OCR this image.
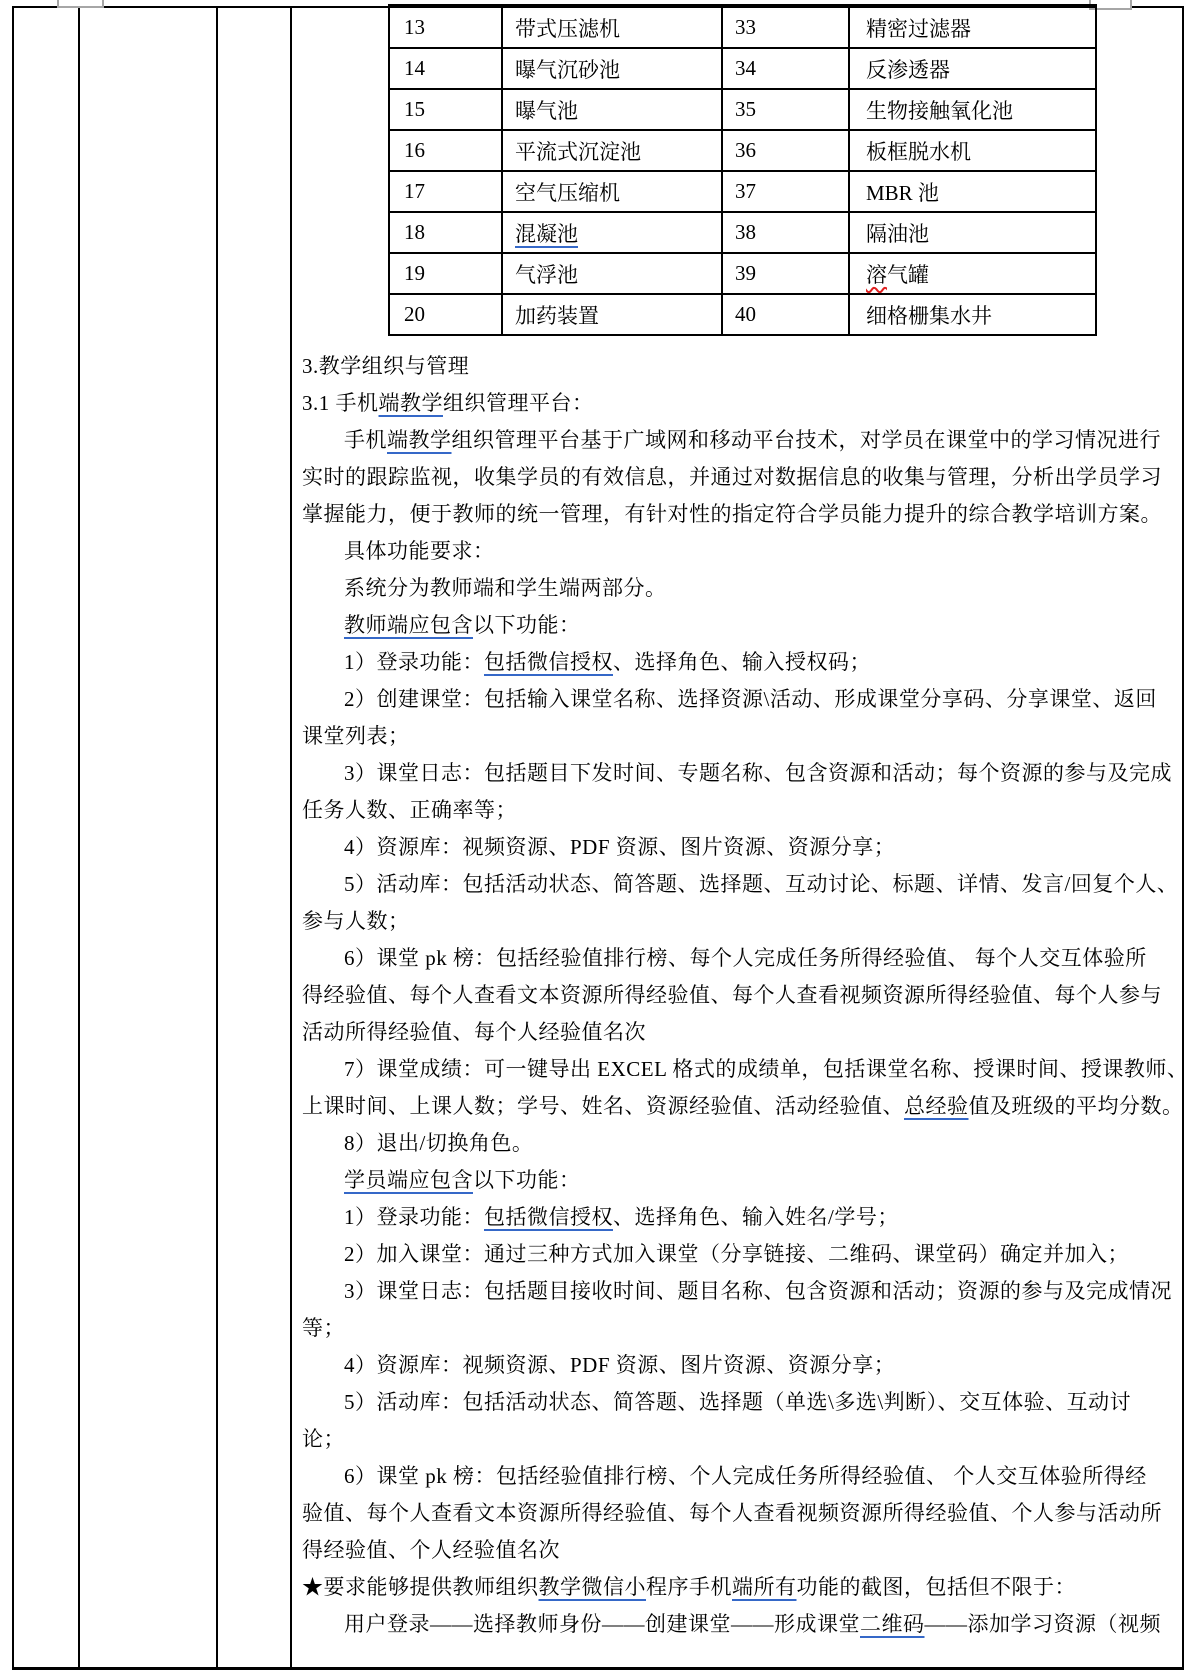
13	带式压滤机	33	精密过滤器
14	曝气沉砂池	34	反渗透器
15	曝气池	35	生物接触氧化池
16	平流式沉淀池	36	板框脱水机
17	空气压缩机	37	MBR 池
18	混凝池	38	隔油池
19	气浮池	39	溶气罐
20	加药装置	40	细格栅集水井
3.教学组织与管理
3.1 手机端教学组织管理平台：
手机端教学组织管理平台基于广域网和移动平台技术，对学员在课堂中的学习情况进行
实时的跟踪监视，收集学员的有效信息，并通过对数据信息的收集与管理，分析出学员学习
掌握能力，便于教师的统一管理，有针对性的指定符合学员能力提升的综合教学培训方案。
具体功能要求：
系统分为教师端和学生端两部分。
教师端应包含以下功能：
1）登录功能：包括微信授权、选择角色、输入授权码；
2）创建课堂：包括输入课堂名称、选择资源\活动、形成课堂分享码、分享课堂、返回
课堂列表；
3）课堂日志：包括题目下发时间、专题名称、包含资源和活动；每个资源的参与及完成
任务人数、正确率等；
4）资源库：视频资源、PDF 资源、图片资源、资源分享；
5）活动库：包括活动状态、简答题、选择题、互动讨论、标题、详情、发言/回复个人、
参与人数；
6）课堂 pk 榜：包括经验值排行榜、每个人完成任务所得经验值、 每个人交互体验所
得经验值、每个人查看文本资源所得经验值、每个人查看视频资源所得经验值、每个人参与
活动所得经验值、每个人经验值名次
7）课堂成绩：可一键导出 EXCEL 格式的成绩单，包括课堂名称、授课时间、授课教师、
上课时间、上课人数；学号、姓名、资源经验值、活动经验值、总经验值及班级的平均分数。
8）退出/切换角色。
学员端应包含以下功能：
1）登录功能：包括微信授权、选择角色、输入姓名/学号；
2）加入课堂：通过三种方式加入课堂（分享链接、二维码、课堂码）确定并加入；
3）课堂日志：包括题目接收时间、题目名称、包含资源和活动；资源的参与及完成情况
等；
4）资源库：视频资源、PDF 资源、图片资源、资源分享；
5）活动库：包括活动状态、简答题、选择题（单选\多选\判断）、交互体验、互动讨
论；
6）课堂 pk 榜：包括经验值排行榜、个人完成任务所得经验值、 个人交互体验所得经
验值、每个人查看文本资源所得经验值、每个人查看视频资源所得经验值、个人参与活动所
得经验值、个人经验值名次
★要求能够提供教师组织教学微信小程序手机端所有功能的截图，包括但不限于：
用户登录——选择教师身份——创建课堂——形成课堂二维码——添加学习资源（视频
